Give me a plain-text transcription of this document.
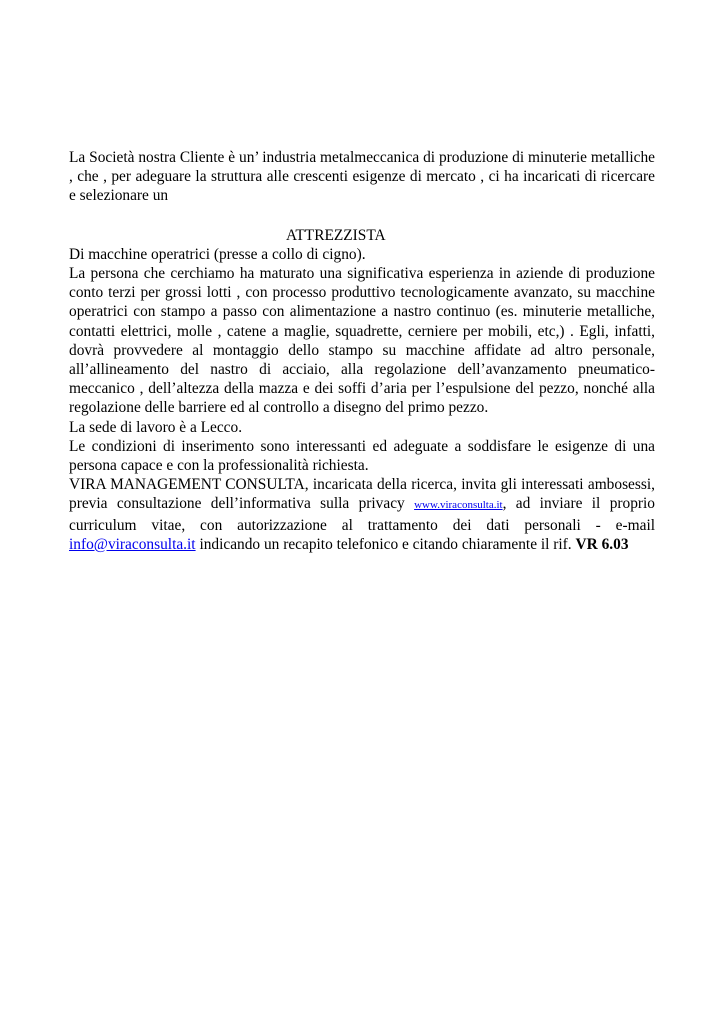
La Società nostra Cliente è un’ industria metalmeccanica di produzione di minuterie metalliche , che , per adeguare la struttura alle crescenti esigenze di mercato , ci ha incaricati di ricercare e selezionare un

ATTREZZISTA

Di macchine operatrici (presse a collo di cigno).

La persona che cerchiamo ha maturato una significativa esperienza in aziende di produzione conto terzi per grossi lotti , con processo produttivo tecnologicamente avanzato, su macchine operatrici con stampo a passo con alimentazione a nastro continuo (es. minuterie metalliche, contatti elettrici, molle , catene a maglie, squadrette, cerniere per mobili, etc,) . Egli, infatti, dovrà provvedere al montaggio dello stampo su macchine affidate ad altro personale, all’allineamento del nastro di acciaio, alla regolazione dell’avanzamento pneumatico-meccanico , dell’altezza della mazza e dei soffi d’aria per l’espulsione del pezzo, nonché alla regolazione delle barriere ed al controllo a disegno del primo pezzo.

La sede di lavoro è a Lecco.

Le condizioni di inserimento sono interessanti ed adeguate a soddisfare le esigenze di una persona capace e con la professionalità richiesta.

VIRA MANAGEMENT CONSULTA, incaricata della ricerca, invita gli interessati ambosessi, previa consultazione dell’informativa sulla privacy www.viraconsulta.it, ad inviare il proprio curriculum vitae, con autorizzazione al trattamento dei dati personali - e-mail info@viraconsulta.it indicando un recapito telefonico e citando chiaramente il rif. VR 6.03
